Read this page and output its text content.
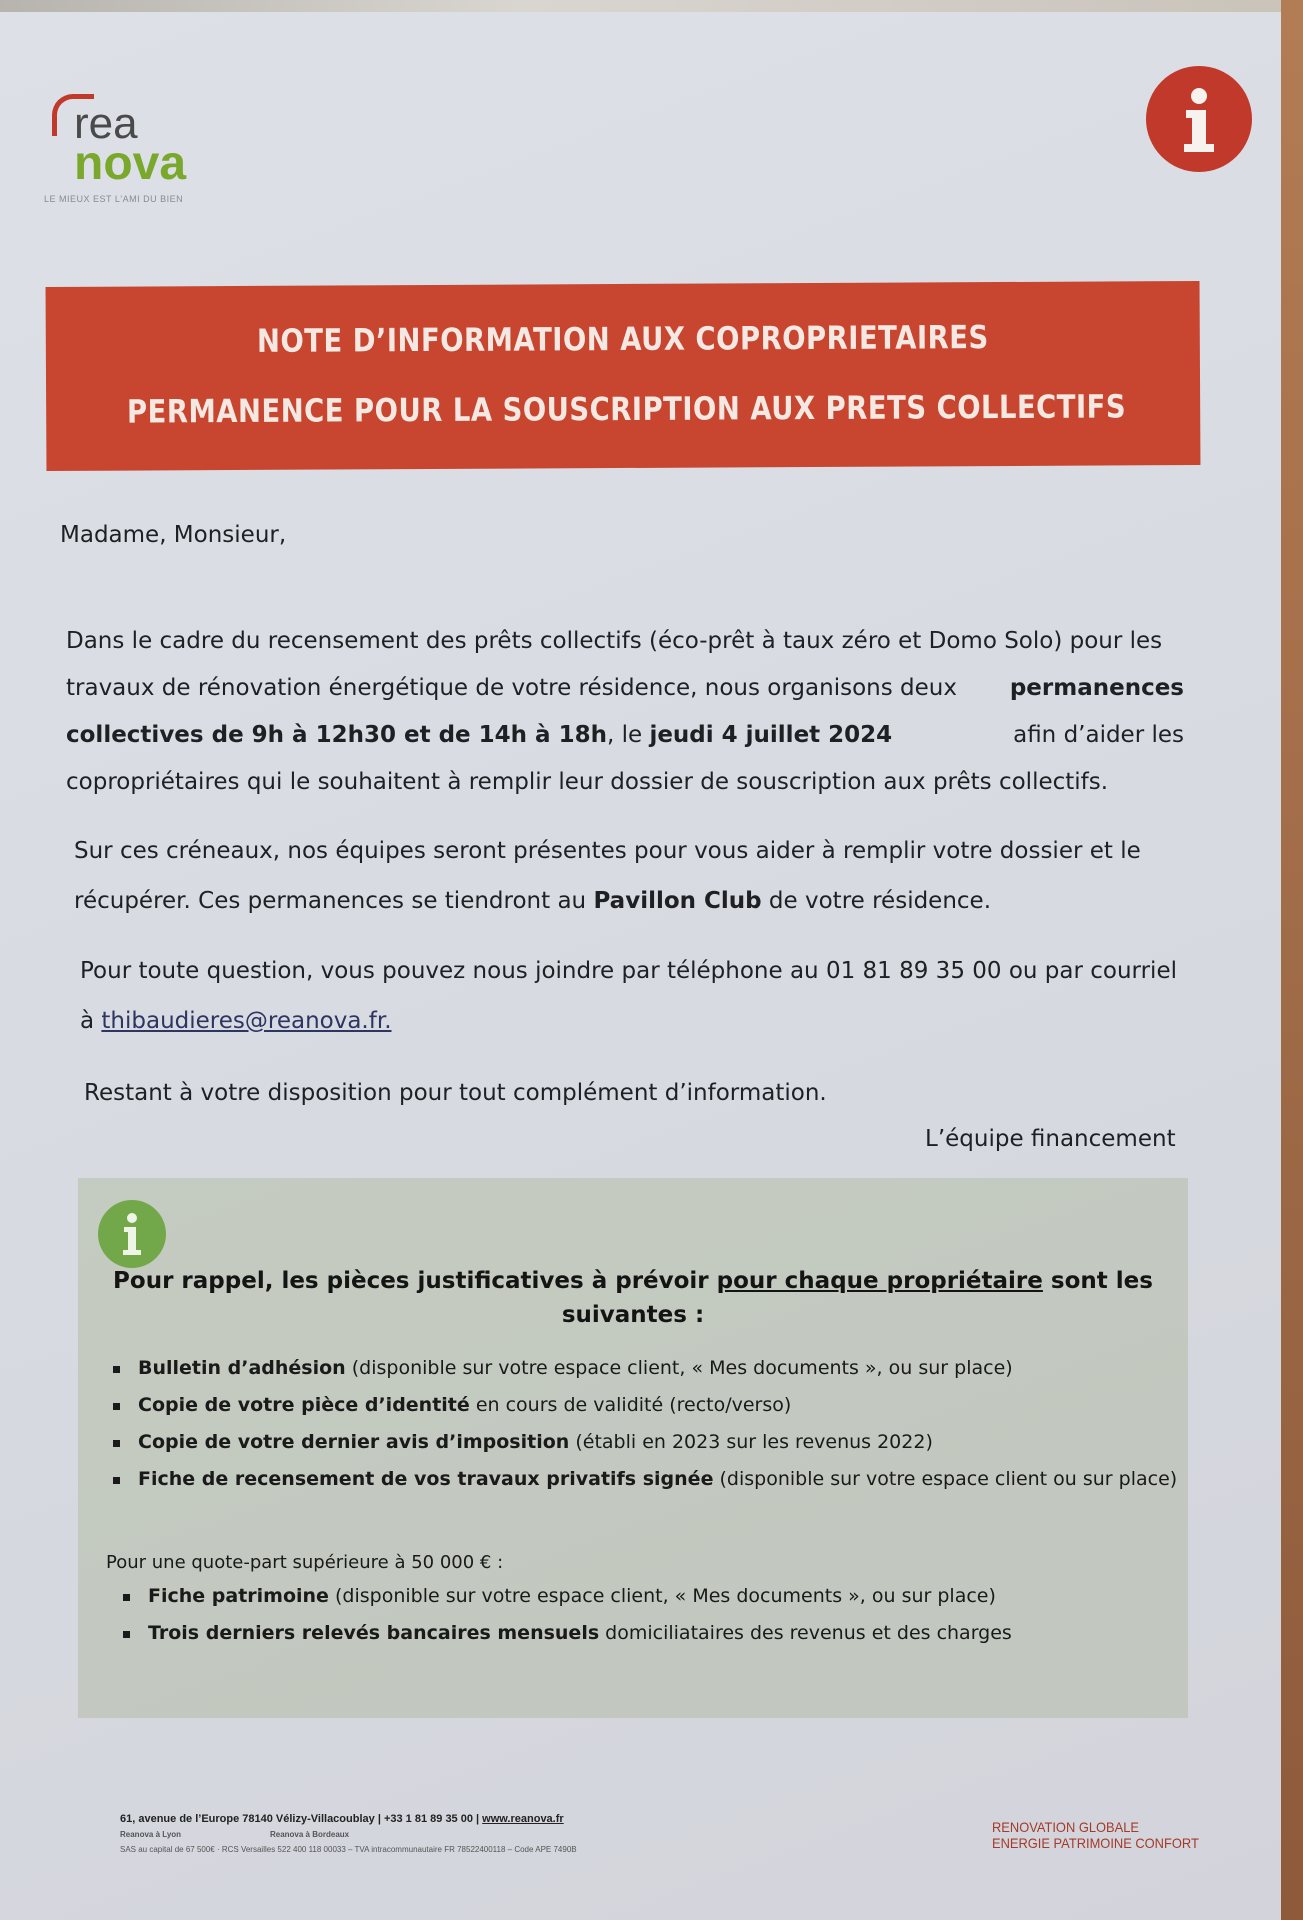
rea
nova
LE MIEUX EST L'AMI DU BIEN
NOTE D’INFORMATION AUX COPROPRIETAIRES
PERMANENCE POUR LA SOUSCRIPTION AUX PRETS COLLECTIFS
Madame, Monsieur,
Dans le cadre du recensement des prêts collectifs (éco-prêt à taux zéro et Domo Solo) pour les
travaux de rénovation énergétique de votre résidence, nous organisons deux permanences
collectives de 9h à 12h30 et de 14h à 18h, le jeudi 4 juillet 2024	afin d’aider les
copropriétaires qui le souhaitent à remplir leur dossier de souscription aux prêts collectifs.
Sur ces créneaux, nos équipes seront présentes pour vous aider à remplir votre dossier et le
récupérer. Ces permanences se tiendront au Pavillon Club de votre résidence.
Pour toute question, vous pouvez nous joindre par téléphone au 01 81 89 35 00 ou par courriel
à thibaudieres@reanova.fr.
Restant à votre disposition pour tout complément d’information.
L’équipe financement
Pour rappel, les pièces justificatives à prévoir pour chaque propriétaire sont les
suivantes :
Bulletin d’adhésion (disponible sur votre espace client, « Mes documents », ou sur place)
Copie de votre pièce d’identité en cours de validité (recto/verso)
Copie de votre dernier avis d’imposition (établi en 2023 sur les revenus 2022)
Fiche de recensement de vos travaux privatifs signée (disponible sur votre espace client ou sur place)
Pour une quote-part supérieure à 50 000 € :
Fiche patrimoine (disponible sur votre espace client, « Mes documents », ou sur place)
Trois derniers relevés bancaires mensuels domiciliataires des revenus et des charges
61, avenue de l’Europe 78140 Vélizy-Villacoublay | +33 1 81 89 35 00 | www.reanova.fr
Reanova à Lyon	Reanova à Bordeaux
SAS au capital de 67 500€ · RCS Versailles 522 400 118 00033 – TVA intracommunautaire FR 78522400118 – Code APE 7490B
RENOVATION GLOBALE
ENERGIE PATRIMOINE CONFORT
